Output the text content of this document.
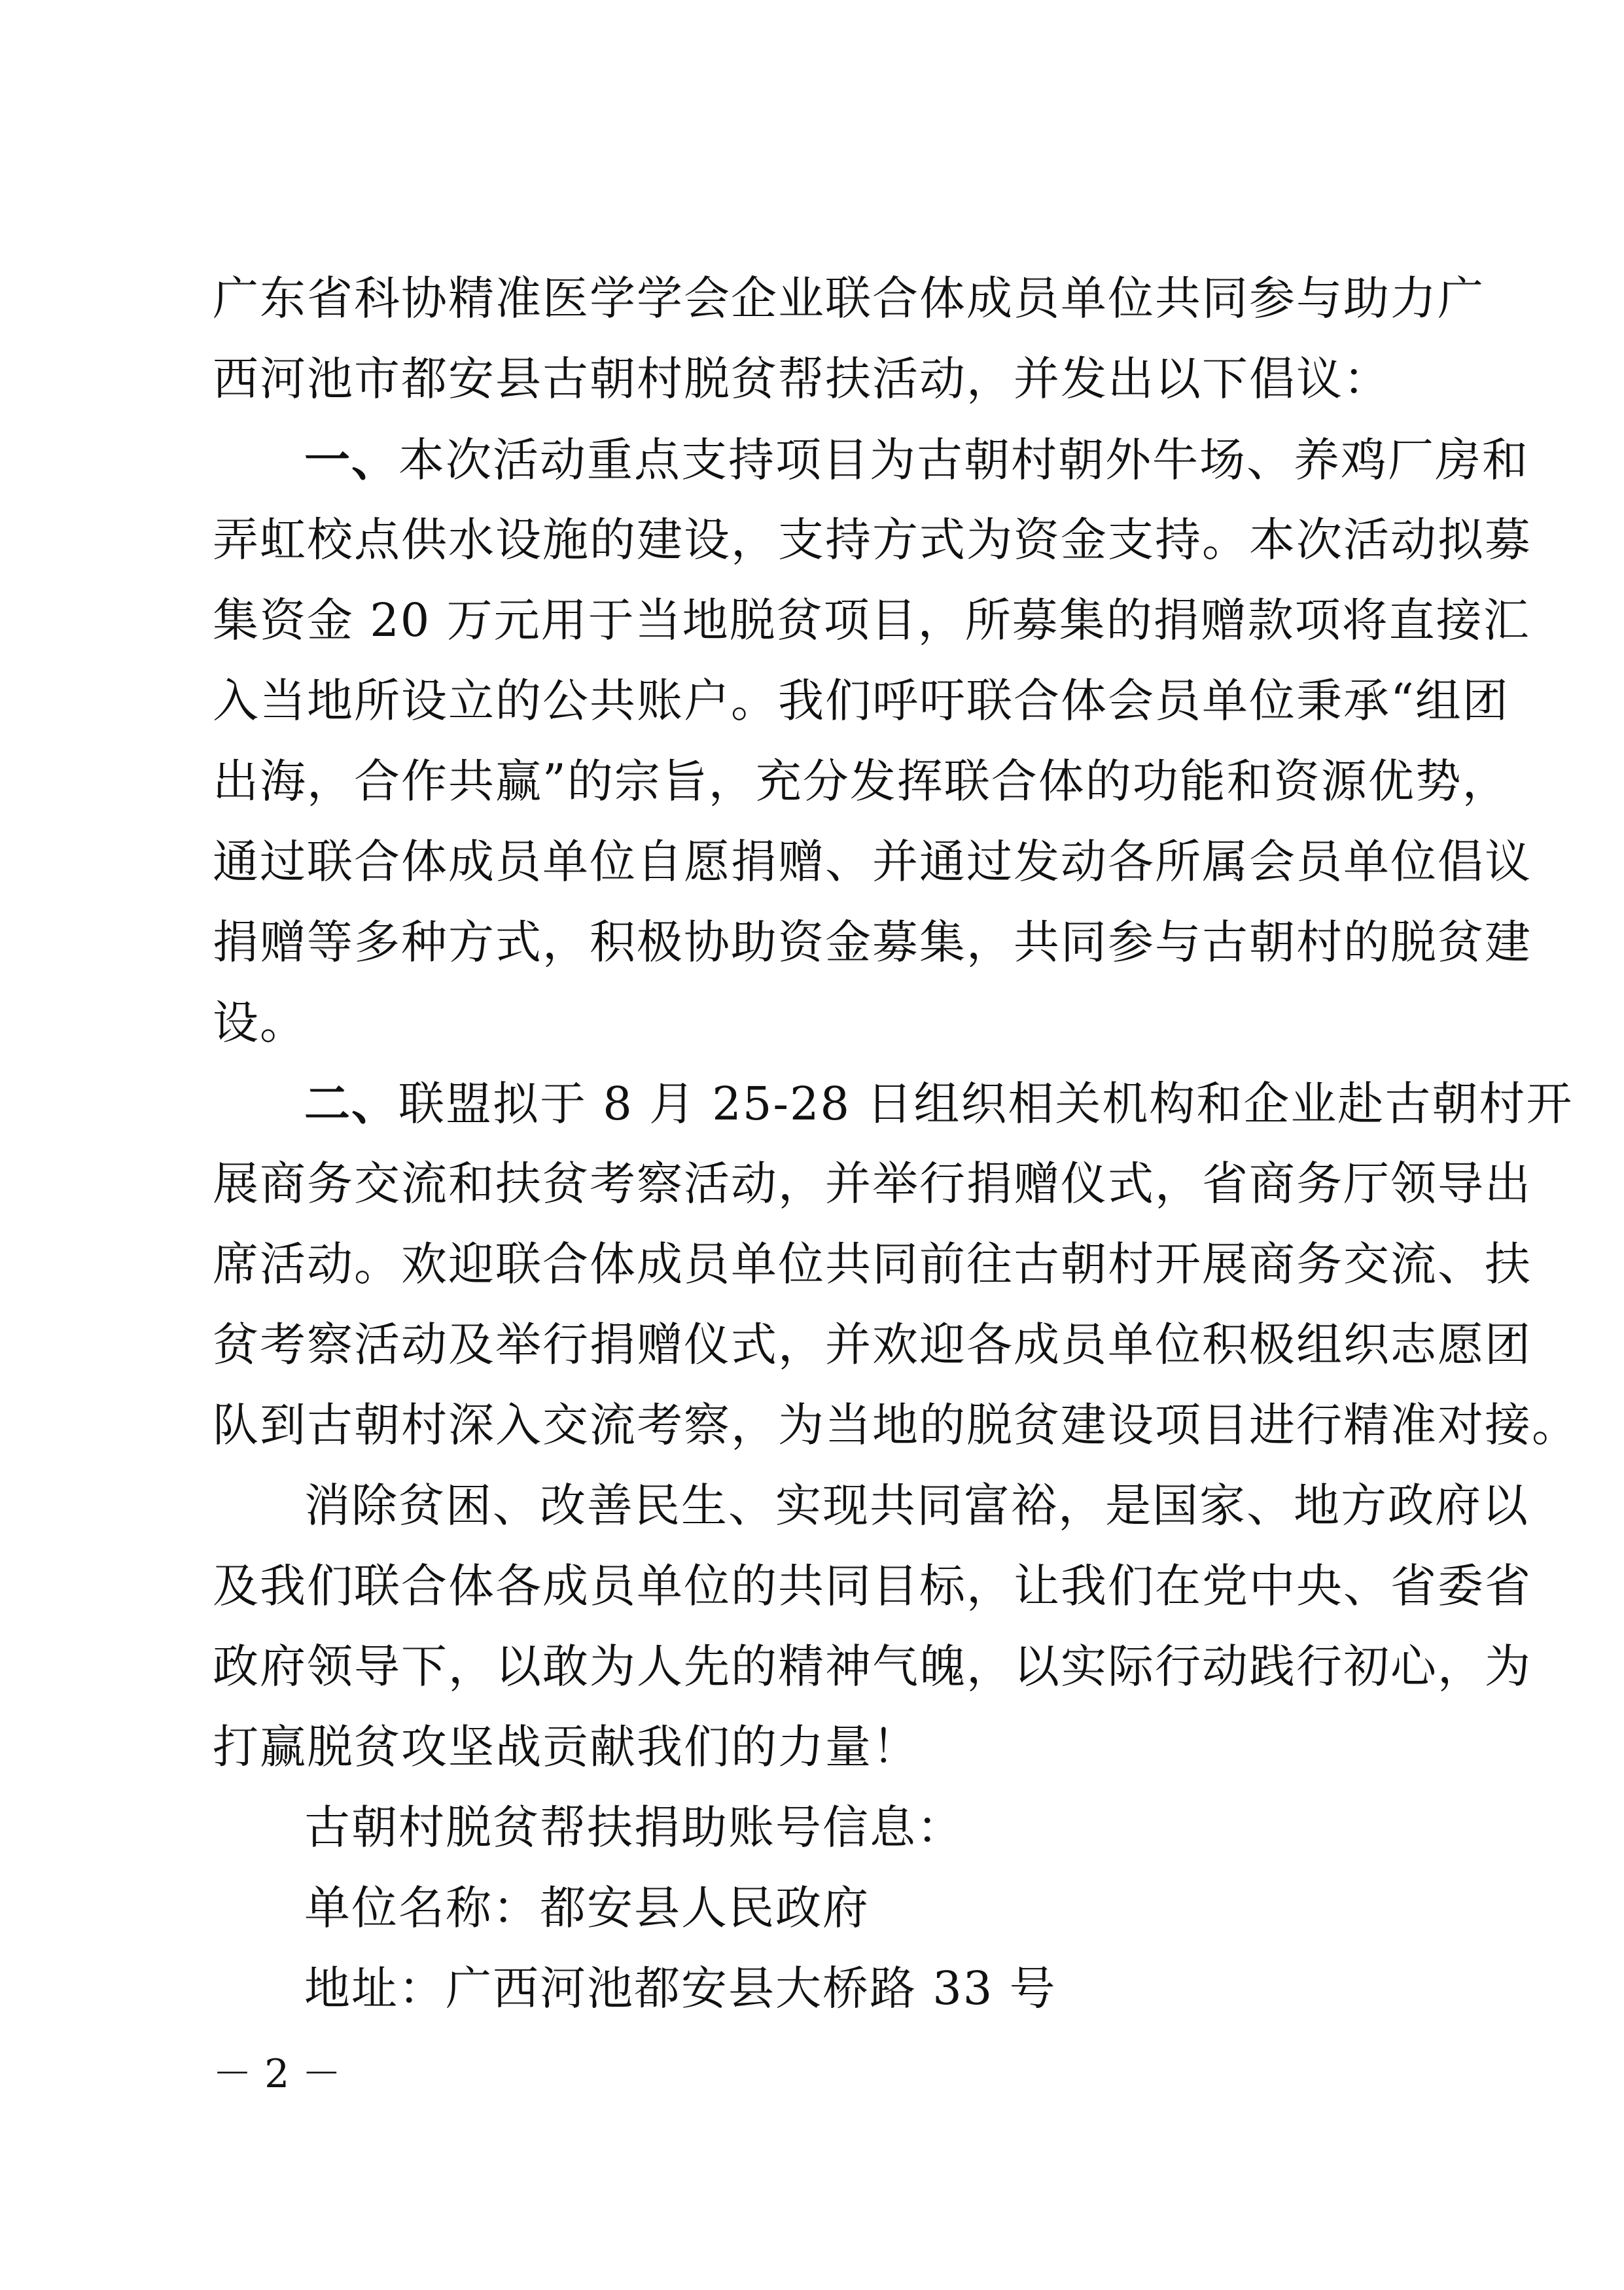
广东省科协精准医学学会企业联合体成员单位共同参与助力广
西河池市都安县古朝村脱贫帮扶活动，并发出以下倡议：
一、本次活动重点支持项目为古朝村朝外牛场、养鸡厂房和
弄虹校点供水设施的建设，支持方式为资金支持。本次活动拟募
集资金 20 万元用于当地脱贫项目，所募集的捐赠款项将直接汇
入当地所设立的公共账户。我们呼吁联合体会员单位秉承“组团
出海，合作共赢”的宗旨，充分发挥联合体的功能和资源优势，
通过联合体成员单位自愿捐赠、并通过发动各所属会员单位倡议
捐赠等多种方式，积极协助资金募集，共同参与古朝村的脱贫建
设。
二、联盟拟于 8 月 25-28 日组织相关机构和企业赴古朝村开
展商务交流和扶贫考察活动，并举行捐赠仪式，省商务厅领导出
席活动。欢迎联合体成员单位共同前往古朝村开展商务交流、扶
贫考察活动及举行捐赠仪式，并欢迎各成员单位积极组织志愿团
队到古朝村深入交流考察，为当地的脱贫建设项目进行精准对接。
消除贫困、改善民生、实现共同富裕，是国家、地方政府以
及我们联合体各成员单位的共同目标，让我们在党中央、省委省
政府领导下，以敢为人先的精神气魄，以实际行动践行初心，为
打赢脱贫攻坚战贡献我们的力量！
古朝村脱贫帮扶捐助账号信息：
单位名称：都安县人民政府
地址：广西河池都安县大桥路 33 号
－ 2 －
